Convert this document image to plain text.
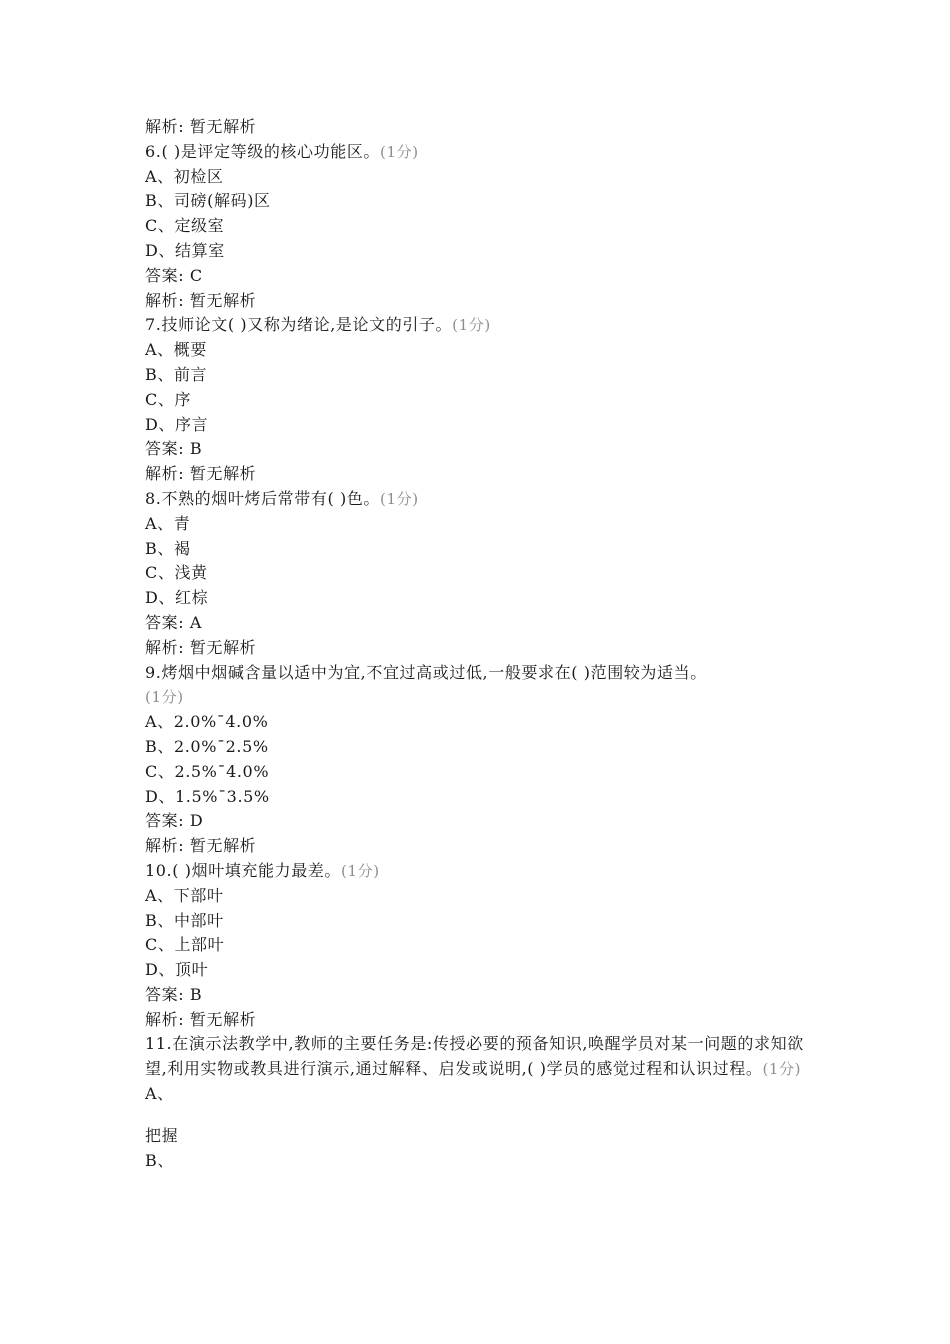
解析: 暂无解析
6.( )是评定等级的核心功能区。(1分)
A、初检区
B、司磅(解码)区
C、定级室
D、结算室
答案: C
解析: 暂无解析
7.技师论文( )又称为绪论,是论文的引子。(1分)
A、概要
B、前言
C、序
D、序言
答案: B
解析: 暂无解析
8.不熟的烟叶烤后常带有( )色。(1分)
A、青
B、褐
C、浅黄
D、红棕
答案: A
解析: 暂无解析
9.烤烟中烟碱含量以适中为宜,不宜过高或过低,一般要求在( )范围较为适当。
(1分)
A、2.0%¯4.0%
B、2.0%¯2.5%
C、2.5%¯4.0%
D、1.5%¯3.5%
答案: D
解析: 暂无解析
10.( )烟叶填充能力最差。(1分)
A、下部叶
B、中部叶
C、上部叶
D、顶叶
答案: B
解析: 暂无解析
11.在演示法教学中,教师的主要任务是:传授必要的预备知识,唤醒学员对某一问题的求知欲望,利用实物或教具进行演示,通过解释、启发或说明,( )学员的感觉过程和认识过程。(1分)
A、
把握
B、
